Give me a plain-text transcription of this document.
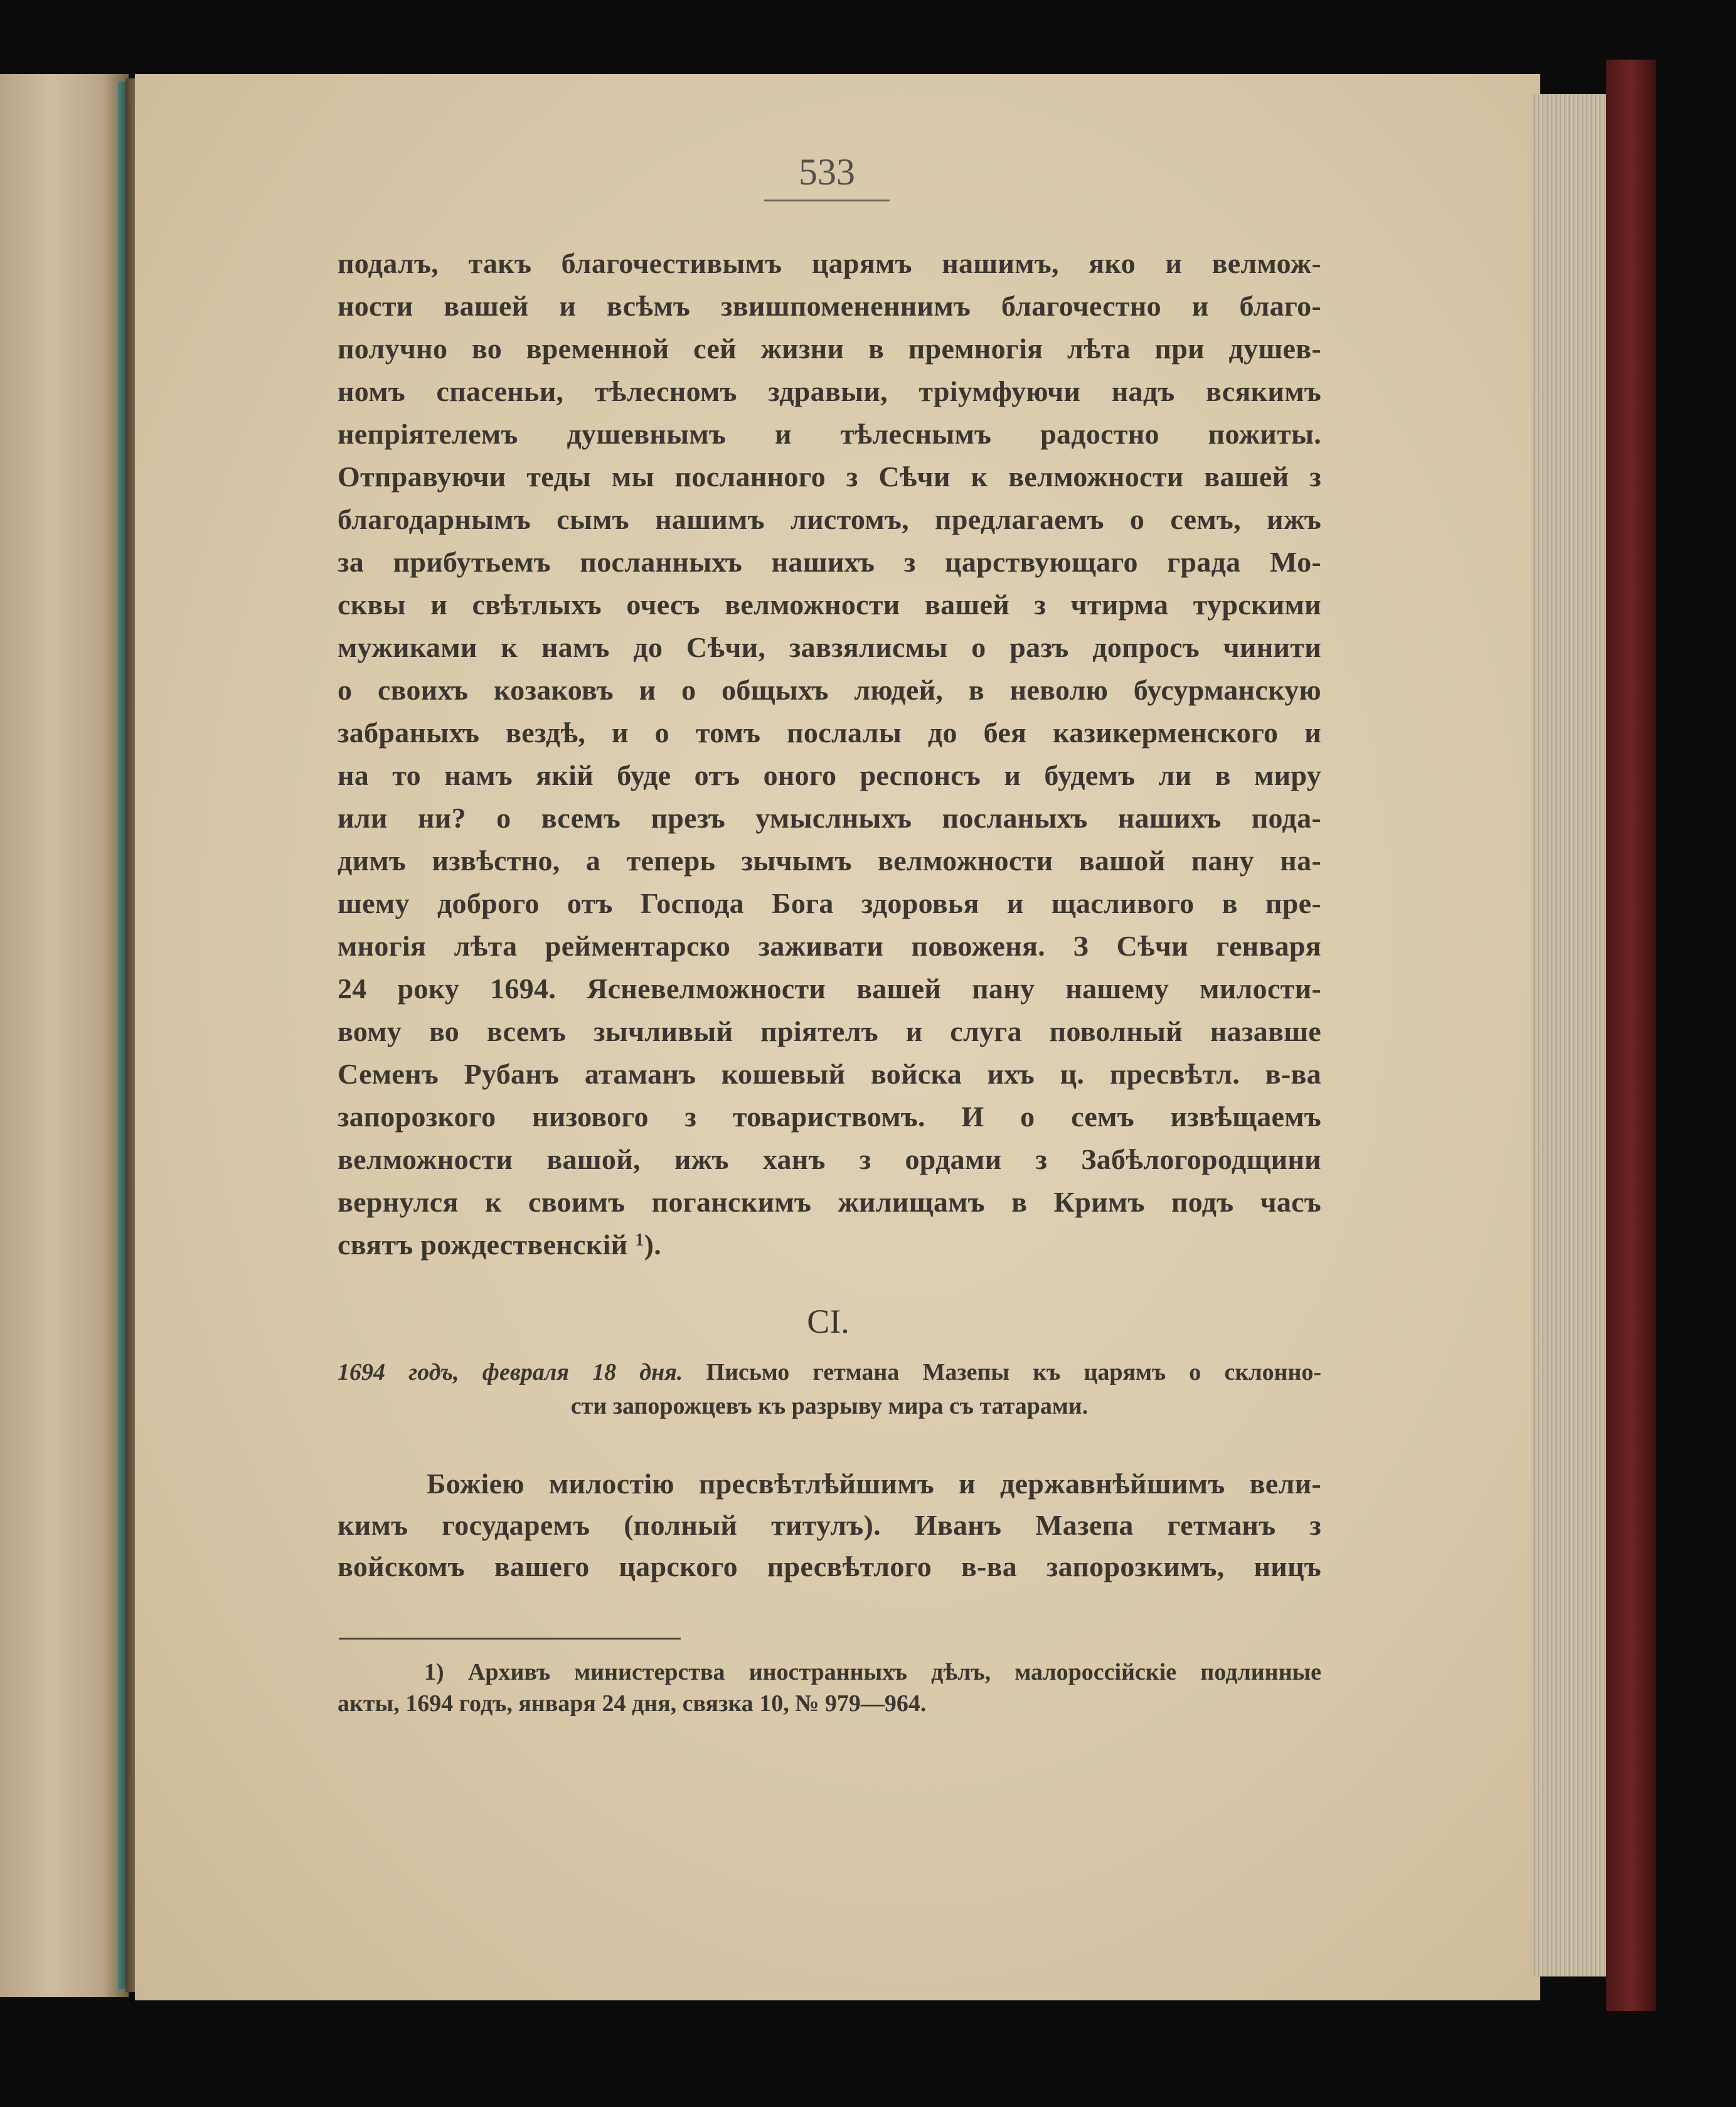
533
подалъ, такъ благочестивымъ царямъ нашимъ, яко и велмож-
ности вашей и всѣмъ звишпомененнимъ благочестно и благо-
получно во временной сей жизни в премногія лѣта при душев-
номъ спасеньи, тѣлесномъ здравыи, тріумфуючи надъ всякимъ
непріятелемъ душевнымъ и тѣлеснымъ радостно пожиты.
Отправуючи теды мы посланного з Сѣчи к велможности вашей з
благодарнымъ сымъ нашимъ листомъ, предлагаемъ о семъ, ижъ
за прибутьемъ посланныхъ нашихъ з царствующаго града Мо-
сквы и свѣтлыхъ очесъ велможности вашей з чтирма турскими
мужиками к намъ до Сѣчи, завзялисмы о разъ допросъ чинити
о своихъ козаковъ и о общыхъ людей, в неволю бусурманскую
забраныхъ вездѣ, и о томъ послалы до бея казикерменского и
на то намъ якій буде отъ оного респонсъ и будемъ ли в миру
или ни? о всемъ презъ умыслныхъ посланыхъ нашихъ пода-
димъ извѣстно, а теперь зычымъ велможности вашой пану на-
шему доброго отъ Господа Бога здоровья и щасливого в пре-
многія лѣта рейментарско заживати повоженя. З Сѣчи генваря
24 року 1694. Ясневелможности вашей пану нашему милости-
вому во всемъ зычливый пріятелъ и слуга поволный назавше
Семенъ Рубанъ атаманъ кошевый войска ихъ ц. пресвѣтл. в-ва
запорозкого низового з товариствомъ. И о семъ извѣщаемъ
велможности вашой, ижъ ханъ з ордами з Забѣлогородщини
вернулся к своимъ поганскимъ жилищамъ в Кримъ подъ часъ
святъ рождественскій $^1$).
CI.
1694 годъ, февраля 18 дня. Письмо гетмана Мазепы къ царямъ о склонно-
сти запорожцевъ къ разрыву мира съ татарами.
Божіею милостію пресвѣтлѣйшимъ и державнѣйшимъ вели-
кимъ государемъ (полный титулъ). Иванъ Мазепа гетманъ з
войскомъ вашего царского пресвѣтлого в-ва запорозкимъ, ницъ
1) Архивъ министерства иностранныхъ дѣлъ, малороссійскіе подлинные
акты, 1694 годъ, января 24 дня, связка 10, № 979—964.
